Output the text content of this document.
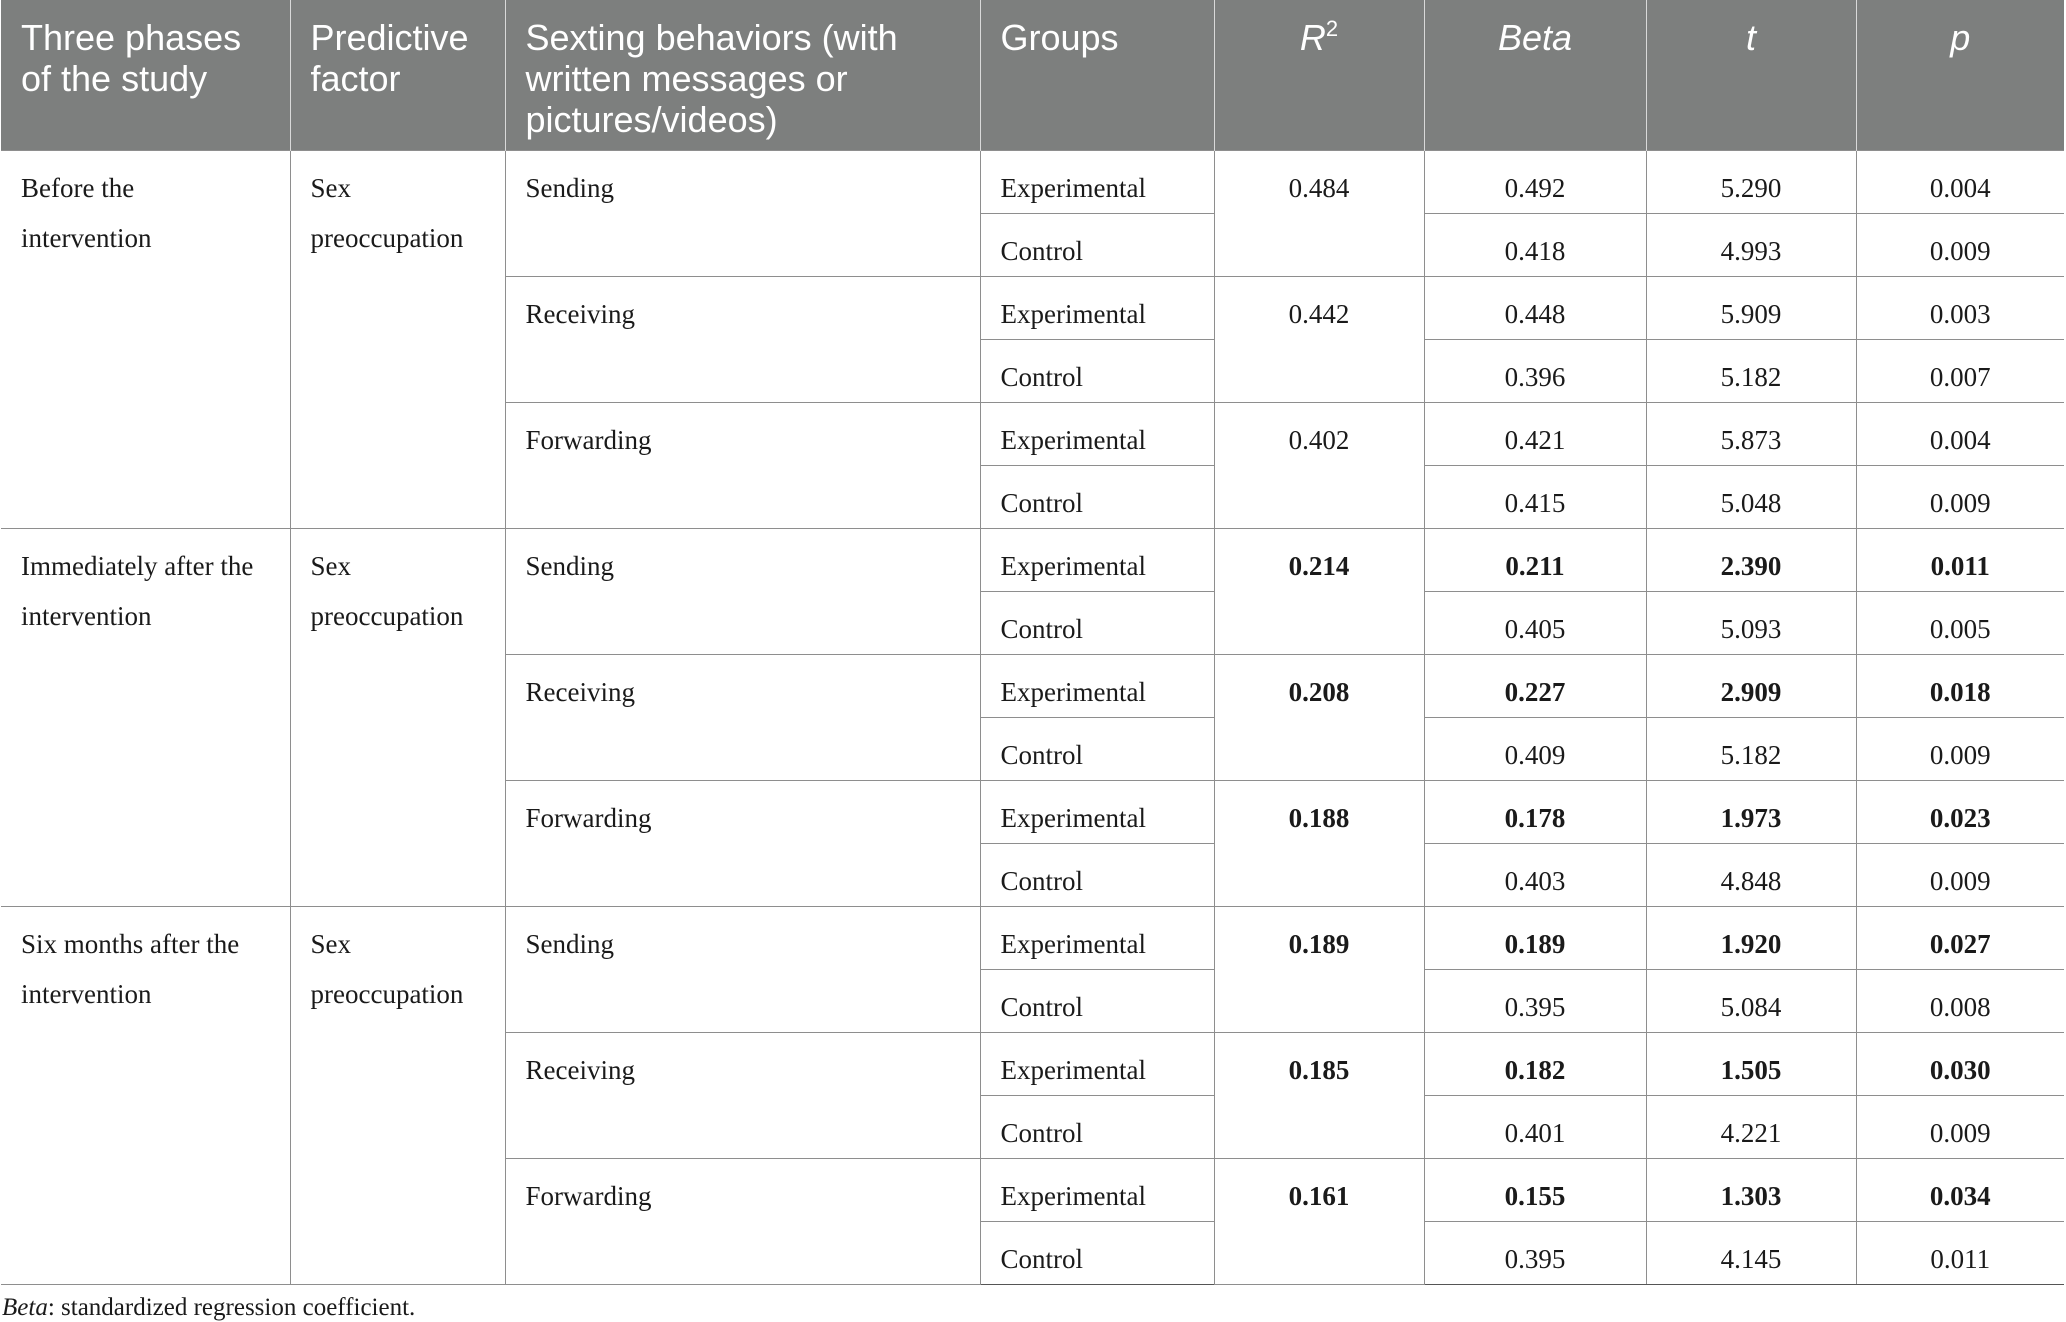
Three phases of the study	Predictive factor	Sexting behaviors (with written messages or pictures/videos)	Groups	$R^2$	Beta	t	p
Before the intervention	Sex preoccupation	Sending	Experimental	0.484	0.492	5.290	0.004
			Control		0.418	4.993	0.009
		Receiving	Experimental	0.442	0.448	5.909	0.003
			Control		0.396	5.182	0.007
		Forwarding	Experimental	0.402	0.421	5.873	0.004
			Control		0.415	5.048	0.009
Immediately after the intervention	Sex preoccupation	Sending	Experimental	0.214	0.211	2.390	0.011
			Control		0.405	5.093	0.005
		Receiving	Experimental	0.208	0.227	2.909	0.018
			Control		0.409	5.182	0.009
		Forwarding	Experimental	0.188	0.178	1.973	0.023
			Control		0.403	4.848	0.009
Six months after the intervention	Sex preoccupation	Sending	Experimental	0.189	0.189	1.920	0.027
			Control		0.395	5.084	0.008
		Receiving	Experimental	0.185	0.182	1.505	0.030
			Control		0.401	4.221	0.009
		Forwarding	Experimental	0.161	0.155	1.303	0.034
			Control		0.395	4.145	0.011
Beta: standardized regression coefficient.
